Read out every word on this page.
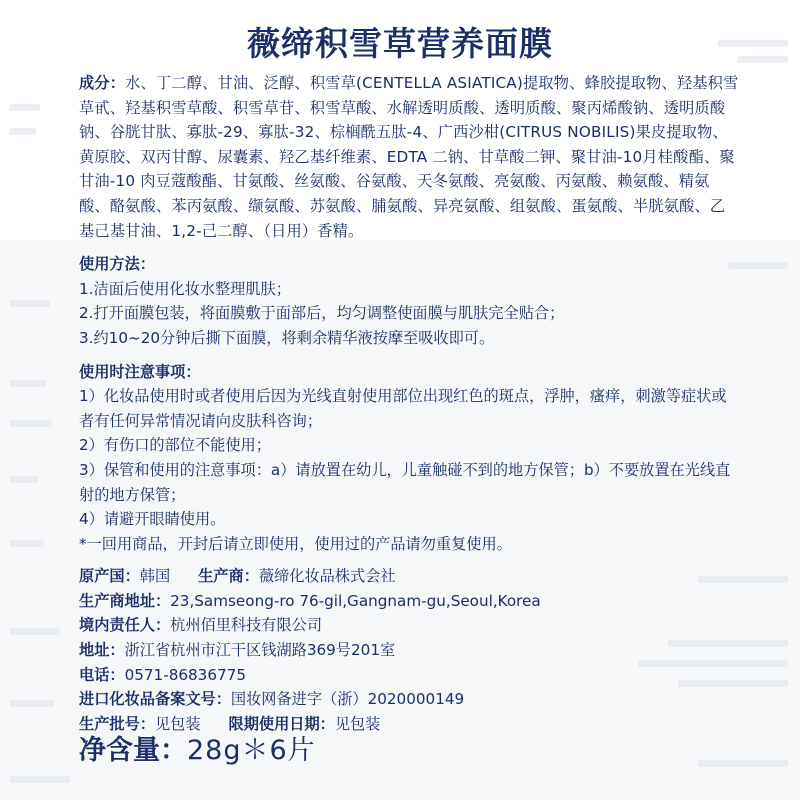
薇缔积雪草营养面膜
成分：水、丁二醇、甘油、泛醇、积雪草(CENTELLA ASIATICA)提取物、蜂胶提取物、羟基积雪草甙、羟基积雪草酸、积雪草苷、积雪草酸、水解透明质酸、透明质酸、聚丙烯酸钠、透明质酸钠、谷胱甘肽、寡肽-29、寡肽-32、棕榈酰五肽-4、广西沙柑(CITRUS NOBILIS)果皮提取物、黄原胶、双丙甘醇、尿囊素、羟乙基纤维素、EDTA 二钠、甘草酸二钾、聚甘油-10月桂酸酯、聚甘油-10 肉豆蔻酸酯、甘氨酸、丝氨酸、谷氨酸、天冬氨酸、亮氨酸、丙氨酸、赖氨酸、精氨酸、酪氨酸、苯丙氨酸、缬氨酸、苏氨酸、脯氨酸、异亮氨酸、组氨酸、蛋氨酸、半胱氨酸、乙基己基甘油、1,2-己二醇、（日用）香精。
使用方法：
1.洁面后使用化妆水整理肌肤；
2.打开面膜包装，将面膜敷于面部后，均匀调整使面膜与肌肤完全贴合；
3.约10~20分钟后撕下面膜，将剩余精华液按摩至吸收即可。
使用时注意事项：
1）化妆品使用时或者使用后因为光线直射使用部位出现红色的斑点，浮肿，瘙痒，刺激等症状或者有任何异常情况请向皮肤科咨询；
2）有伤口的部位不能使用；
3）保管和使用的注意事项：a）请放置在幼儿，儿童触碰不到的地方保管；b）不要放置在光线直射的地方保管；
4）请避开眼睛使用。
*一回用商品，开封后请立即使用，使用过的产品请勿重复使用。
原产国：韩国 生产商：薇缔化妆品株式会社
生产商地址：23,Samseong-ro 76-gil,Gangnam-gu,Seoul,Korea
境内责任人：杭州佰里科技有限公司
地址：浙江省杭州市江干区钱湖路369号201室
电话：0571-86836775
进口化妆品备案文号：国妆网备进字（浙）2020000149
生产批号：见包装 限期使用日期：见包装
净含量：28g＊6片
